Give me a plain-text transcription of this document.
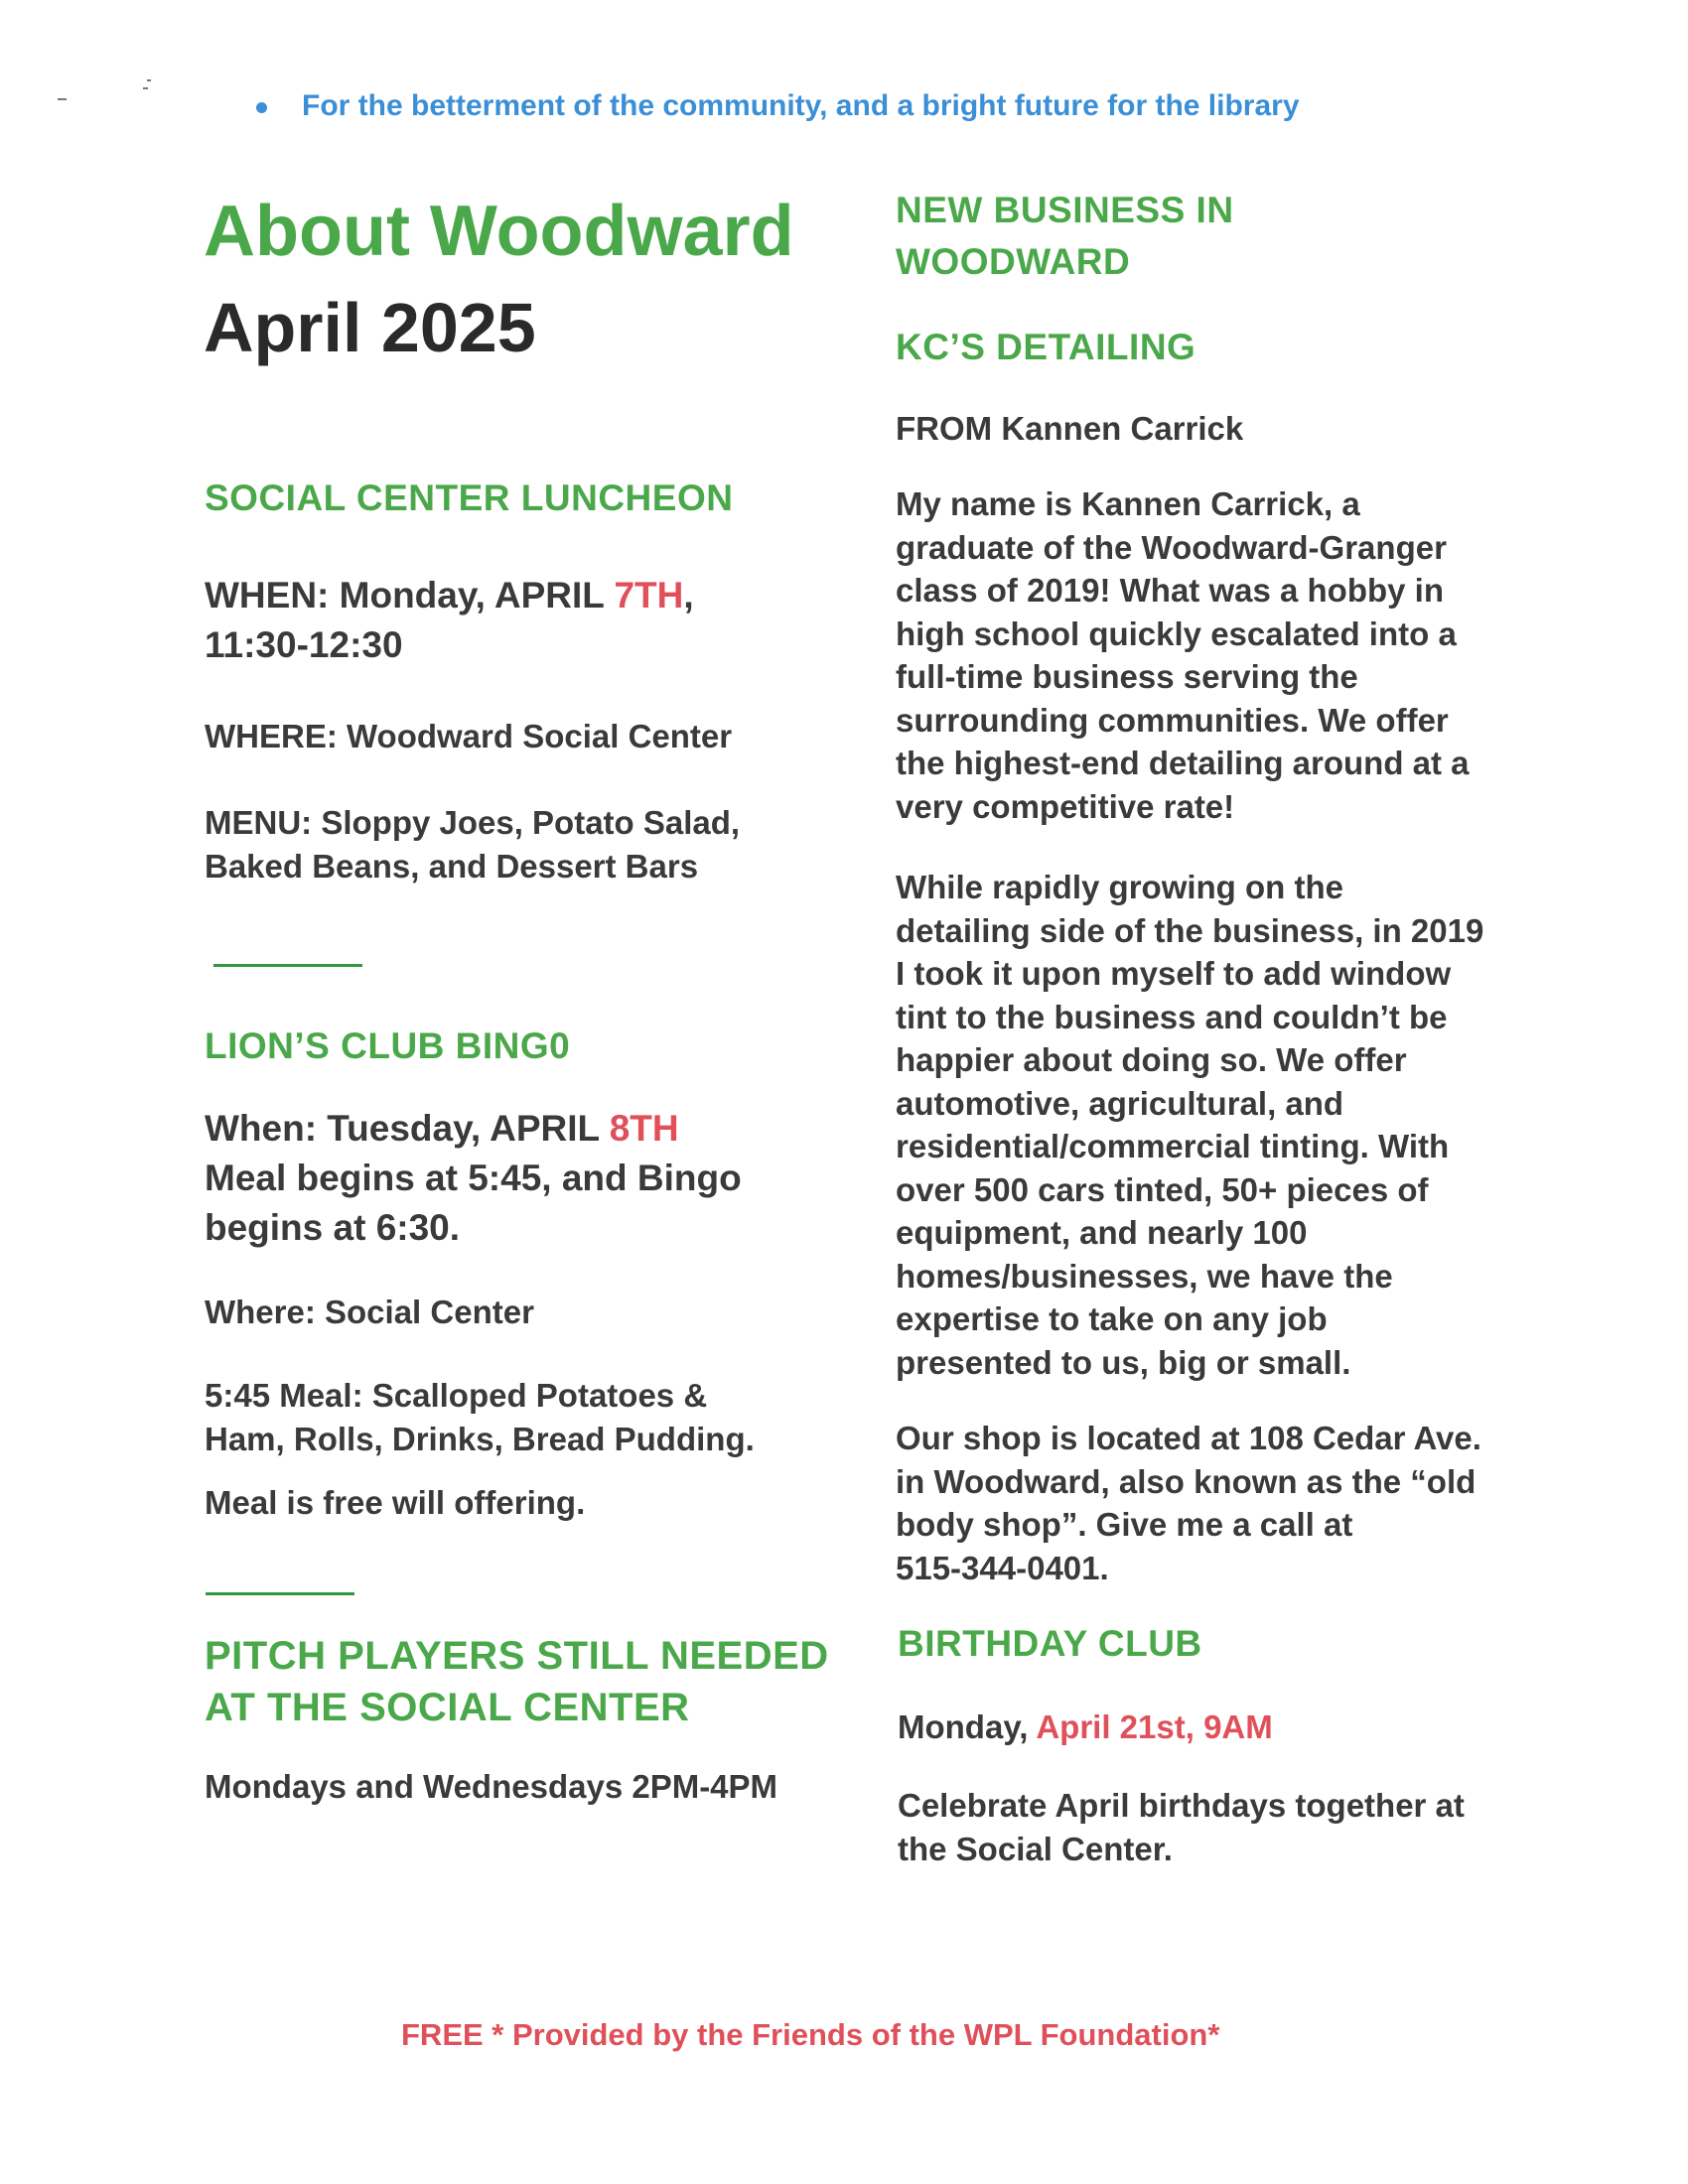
For the betterment of the community, and a bright future for the library
About Woodward
April 2025
SOCIAL CENTER LUNCHEON
WHEN: Monday, APRIL 7TH,
11:30-12:30
WHERE: Woodward Social Center
MENU: Sloppy Joes, Potato Salad,
Baked Beans, and Dessert Bars
LION’S CLUB BING0
When: Tuesday, APRIL 8TH
Meal begins at 5:45, and Bingo
begins at 6:30.
Where: Social Center
5:45 Meal: Scalloped Potatoes &
Ham, Rolls, Drinks, Bread Pudding.
Meal is free will offering.
PITCH PLAYERS STILL NEEDED
AT THE SOCIAL CENTER
Mondays and Wednesdays 2PM-4PM
NEW BUSINESS IN
WOODWARD
KC’S DETAILING
FROM Kannen Carrick
My name is Kannen Carrick, a
graduate of the Woodward-Granger
class of 2019! What was a hobby in
high school quickly escalated into a
full-time business serving the
surrounding communities. We offer
the highest-end detailing around at a
very competitive rate!
While rapidly growing on the
detailing side of the business, in 2019
I took it upon myself to add window
tint to the business and couldn’t be
happier about doing so. We offer
automotive, agricultural, and
residential/commercial tinting. With
over 500 cars tinted, 50+ pieces of
equipment, and nearly 100
homes/businesses, we have the
expertise to take on any job
presented to us, big or small.
Our shop is located at 108 Cedar Ave.
in Woodward, also known as the “old
body shop”. Give me a call at
515-344-0401.
BIRTHDAY CLUB
Monday, April 21st, 9AM
Celebrate April birthdays together at
the Social Center.
FREE * Provided by the Friends of the WPL Foundation*
